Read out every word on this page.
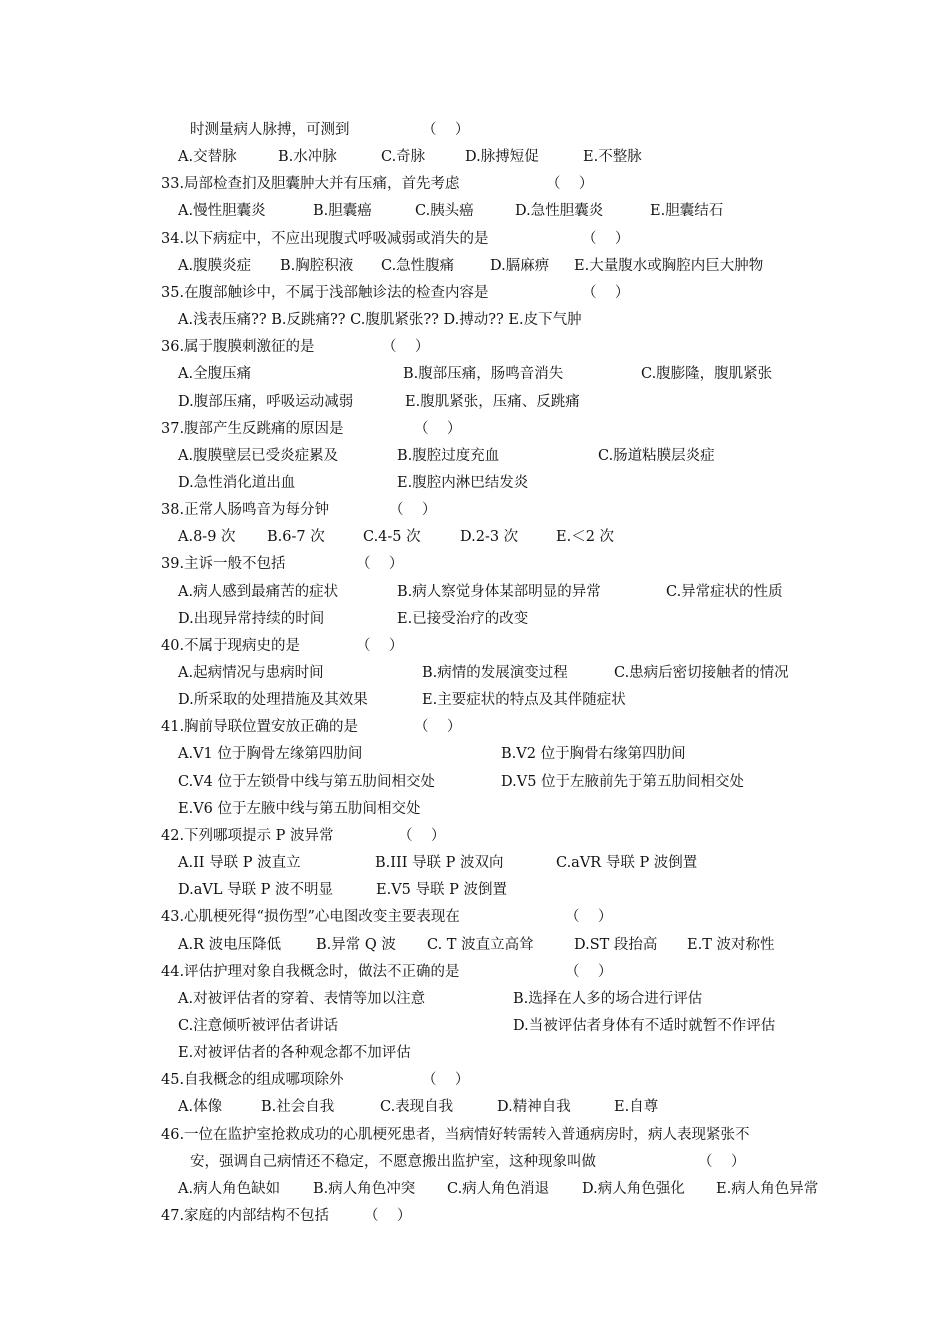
时测量病人脉搏，可测到	（    ）
A.交替脉	B.水冲脉	C.奇脉	D.脉搏短促	E.不整脉
33.局部检查扪及胆囊肿大并有压痛，首先考虑	（    ）
A.慢性胆囊炎	B.胆囊癌	C.胰头癌	D.急性胆囊炎	E.胆囊结石
34.以下病症中，不应出现腹式呼吸减弱或消失的是	（    ）
A.腹膜炎症 B.胸腔积液 C.急性腹痛 D.膈麻痹 E.大量腹水或胸腔内巨大肿物
35.在腹部触诊中，不属于浅部触诊法的检查内容是	（    ）
A.浅表压痛?? B.反跳痛?? C.腹肌紧张?? D.搏动?? E.皮下气肿
36.属于腹膜刺激征的是	（    ）
A.全腹压痛	B.腹部压痛，肠鸣音消失	C.腹膨隆，腹肌紧张
D.腹部压痛，呼吸运动减弱	E.腹肌紧张，压痛、反跳痛
37.腹部产生反跳痛的原因是	（    ）
A.腹膜壁层已受炎症累及	B.腹腔过度充血	C.肠道粘膜层炎症
D.急性消化道出血	E.腹腔内淋巴结发炎
38.正常人肠鸣音为每分钟	（    ）
A.8-9 次 B.6-7 次	C.4-5 次	D.2-3 次	E.＜2 次
39.主诉一般不包括	（    ）
A.病人感到最痛苦的症状	B.病人察觉身体某部明显的异常	C.异常症状的性质
D.出现异常持续的时间	E.已接受治疗的改变
40.不属于现病史的是	（    ）
A.起病情况与患病时间	B.病情的发展演变过程	C.患病后密切接触者的情况
D.所采取的处理措施及其效果	E.主要症状的特点及其伴随症状
41.胸前导联位置安放正确的是	（    ）
A.V1 位于胸骨左缘第四肋间	B.V2 位于胸骨右缘第四肋间
C.V4 位于左锁骨中线与第五肋间相交处	D.V5 位于左腋前先于第五肋间相交处
E.V6 位于左腋中线与第五肋间相交处
42.下列哪项提示 P 波异常	（    ）
A.II 导联 P 波直立	B.III 导联 P 波双向	C.aVR 导联 P 波倒置
D.aVL 导联 P 波不明显	E.V5 导联 P 波倒置
43.心肌梗死得“损伤型”心电图改变主要表现在	（    ）
A.R 波电压降低 B.异常 Q 波 C. T 波直立高耸	D.ST 段抬高 E.T 波对称性
44.评估护理对象自我概念时，做法不正确的是	（    ）
A.对被评估者的穿着、表情等加以注意	B.选择在人多的场合进行评估
C.注意倾听被评估者讲话	D.当被评估者身体有不适时就暂不作评估
E.对被评估者的各种观念都不加评估
45.自我概念的组成哪项除外	（    ）
A.体像	B.社会自我	C.表现自我	D.精神自我	E.自尊
46.一位在监护室抢救成功的心肌梗死患者，当病情好转需转入普通病房时，病人表现紧张不
安，强调自己病情还不稳定，不愿意搬出监护室，这种现象叫做	（    ）
A.病人角色缺如 B.病人角色冲突 C.病人角色消退 D.病人角色强化 E.病人角色异常
47.家庭的内部结构不包括 （    ）
